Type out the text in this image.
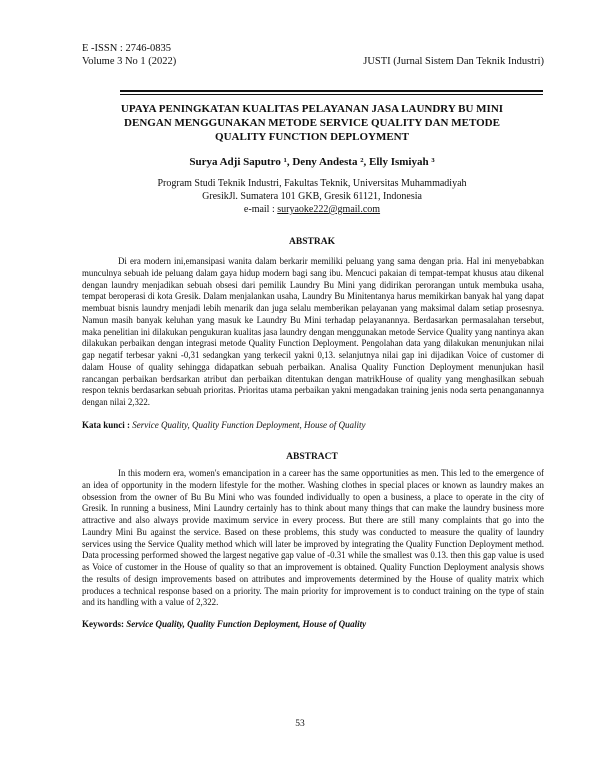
E -ISSN : 2746-0835
Volume 3 No 1 (2022)	JUSTI (Jurnal Sistem Dan Teknik Industri)
UPAYA PENINGKATAN KUALITAS PELAYANAN JASA LAUNDRY BU MINI
DENGAN MENGGUNAKAN METODE SERVICE QUALITY DAN METODE
QUALITY FUNCTION DEPLOYMENT
Surya Adji Saputro ¹, Deny Andesta ², Elly Ismiyah ³
Program Studi Teknik Industri, Fakultas Teknik, Universitas Muhammadiyah
GresikJl. Sumatera 101 GKB, Gresik 61121, Indonesia
e-mail : suryaoke222@gmail.com
ABSTRAK

Di era modern ini,emansipasi wanita dalam berkarir memiliki peluang yang sama dengan pria. Hal ini menyebabkan munculnya sebuah ide peluang dalam gaya hidup modern bagi sang ibu. Mencuci pakaian di tempat-tempat khusus atau dikenal dengan laundry menjadikan sebuah obsesi dari pemilik Laundry Bu Mini yang didirikan perorangan untuk membuka usaha, tempat beroperasi di kota Gresik. Dalam menjalankan usaha, Laundry Bu Minitentanya harus memikirkan banyak hal yang dapat membuat bisnis laundry menjadi lebih menarik dan juga selalu memberikan pelayanan yang maksimal dalam setiap prosesnya. Namun masih banyak keluhan yang masuk ke Laundry Bu Mini terhadap pelayanannya. Berdasarkan permasalahan tersebut, maka penelitian ini dilakukan pengukuran kualitas jasa laundry dengan menggunakan metode Service Quality yang nantinya akan dilakukan perbaikan dengan integrasi metode Quality Function Deployment. Pengolahan data yang dilakukan menunjukan nilai gap negatif terbesar yakni -0,31 sedangkan yang terkecil yakni 0,13. selanjutnya nilai gap ini dijadikan Voice of customer di dalam House of quality sehingga didapatkan sebuah perbaikan. Analisa Quality Function Deployment menunjukan hasil rancangan perbaikan berdsarkan atribut dan perbaikan ditentukan dengan matrikHouse of quality yang menghasilkan sebuah respon teknis berdasarkan sebuah prioritas. Prioritas utama perbaikan yakni mengadakan training jenis noda serta penanganannya dengan nilai 2,322.

Kata kunci : Service Quality, Quality Function Deployment, House of Quality
ABSTRACT

In this modern era, women's emancipation in a career has the same opportunities as men. This led to the emergence of an idea of opportunity in the modern lifestyle for the mother. Washing clothes in special places or known as laundry makes an obsession from the owner of Bu Bu Mini who was founded individually to open a business, a place to operate in the city of Gresik. In running a business, Mini Laundry certainly has to think about many things that can make the laundry business more attractive and also always provide maximum service in every process. But there are still many complaints that go into the Laundry Mini Bu against the service. Based on these problems, this study was conducted to measure the quality of laundry services using the Service Quality method which will later be improved by integrating the Quality Function Deployment method. Data processing performed showed the largest negative gap value of -0.31 while the smallest was 0.13. then this gap value is used as Voice of customer in the House of quality so that an improvement is obtained. Quality Function Deployment analysis shows the results of design improvements based on attributes and improvements determined by the House of quality matrix which produces a technical response based on a priority. The main priority for improvement is to conduct training on the type of stain and its handling with a value of 2,322.

Keywords: Service Quality, Quality Function Deployment, House of Quality
53
